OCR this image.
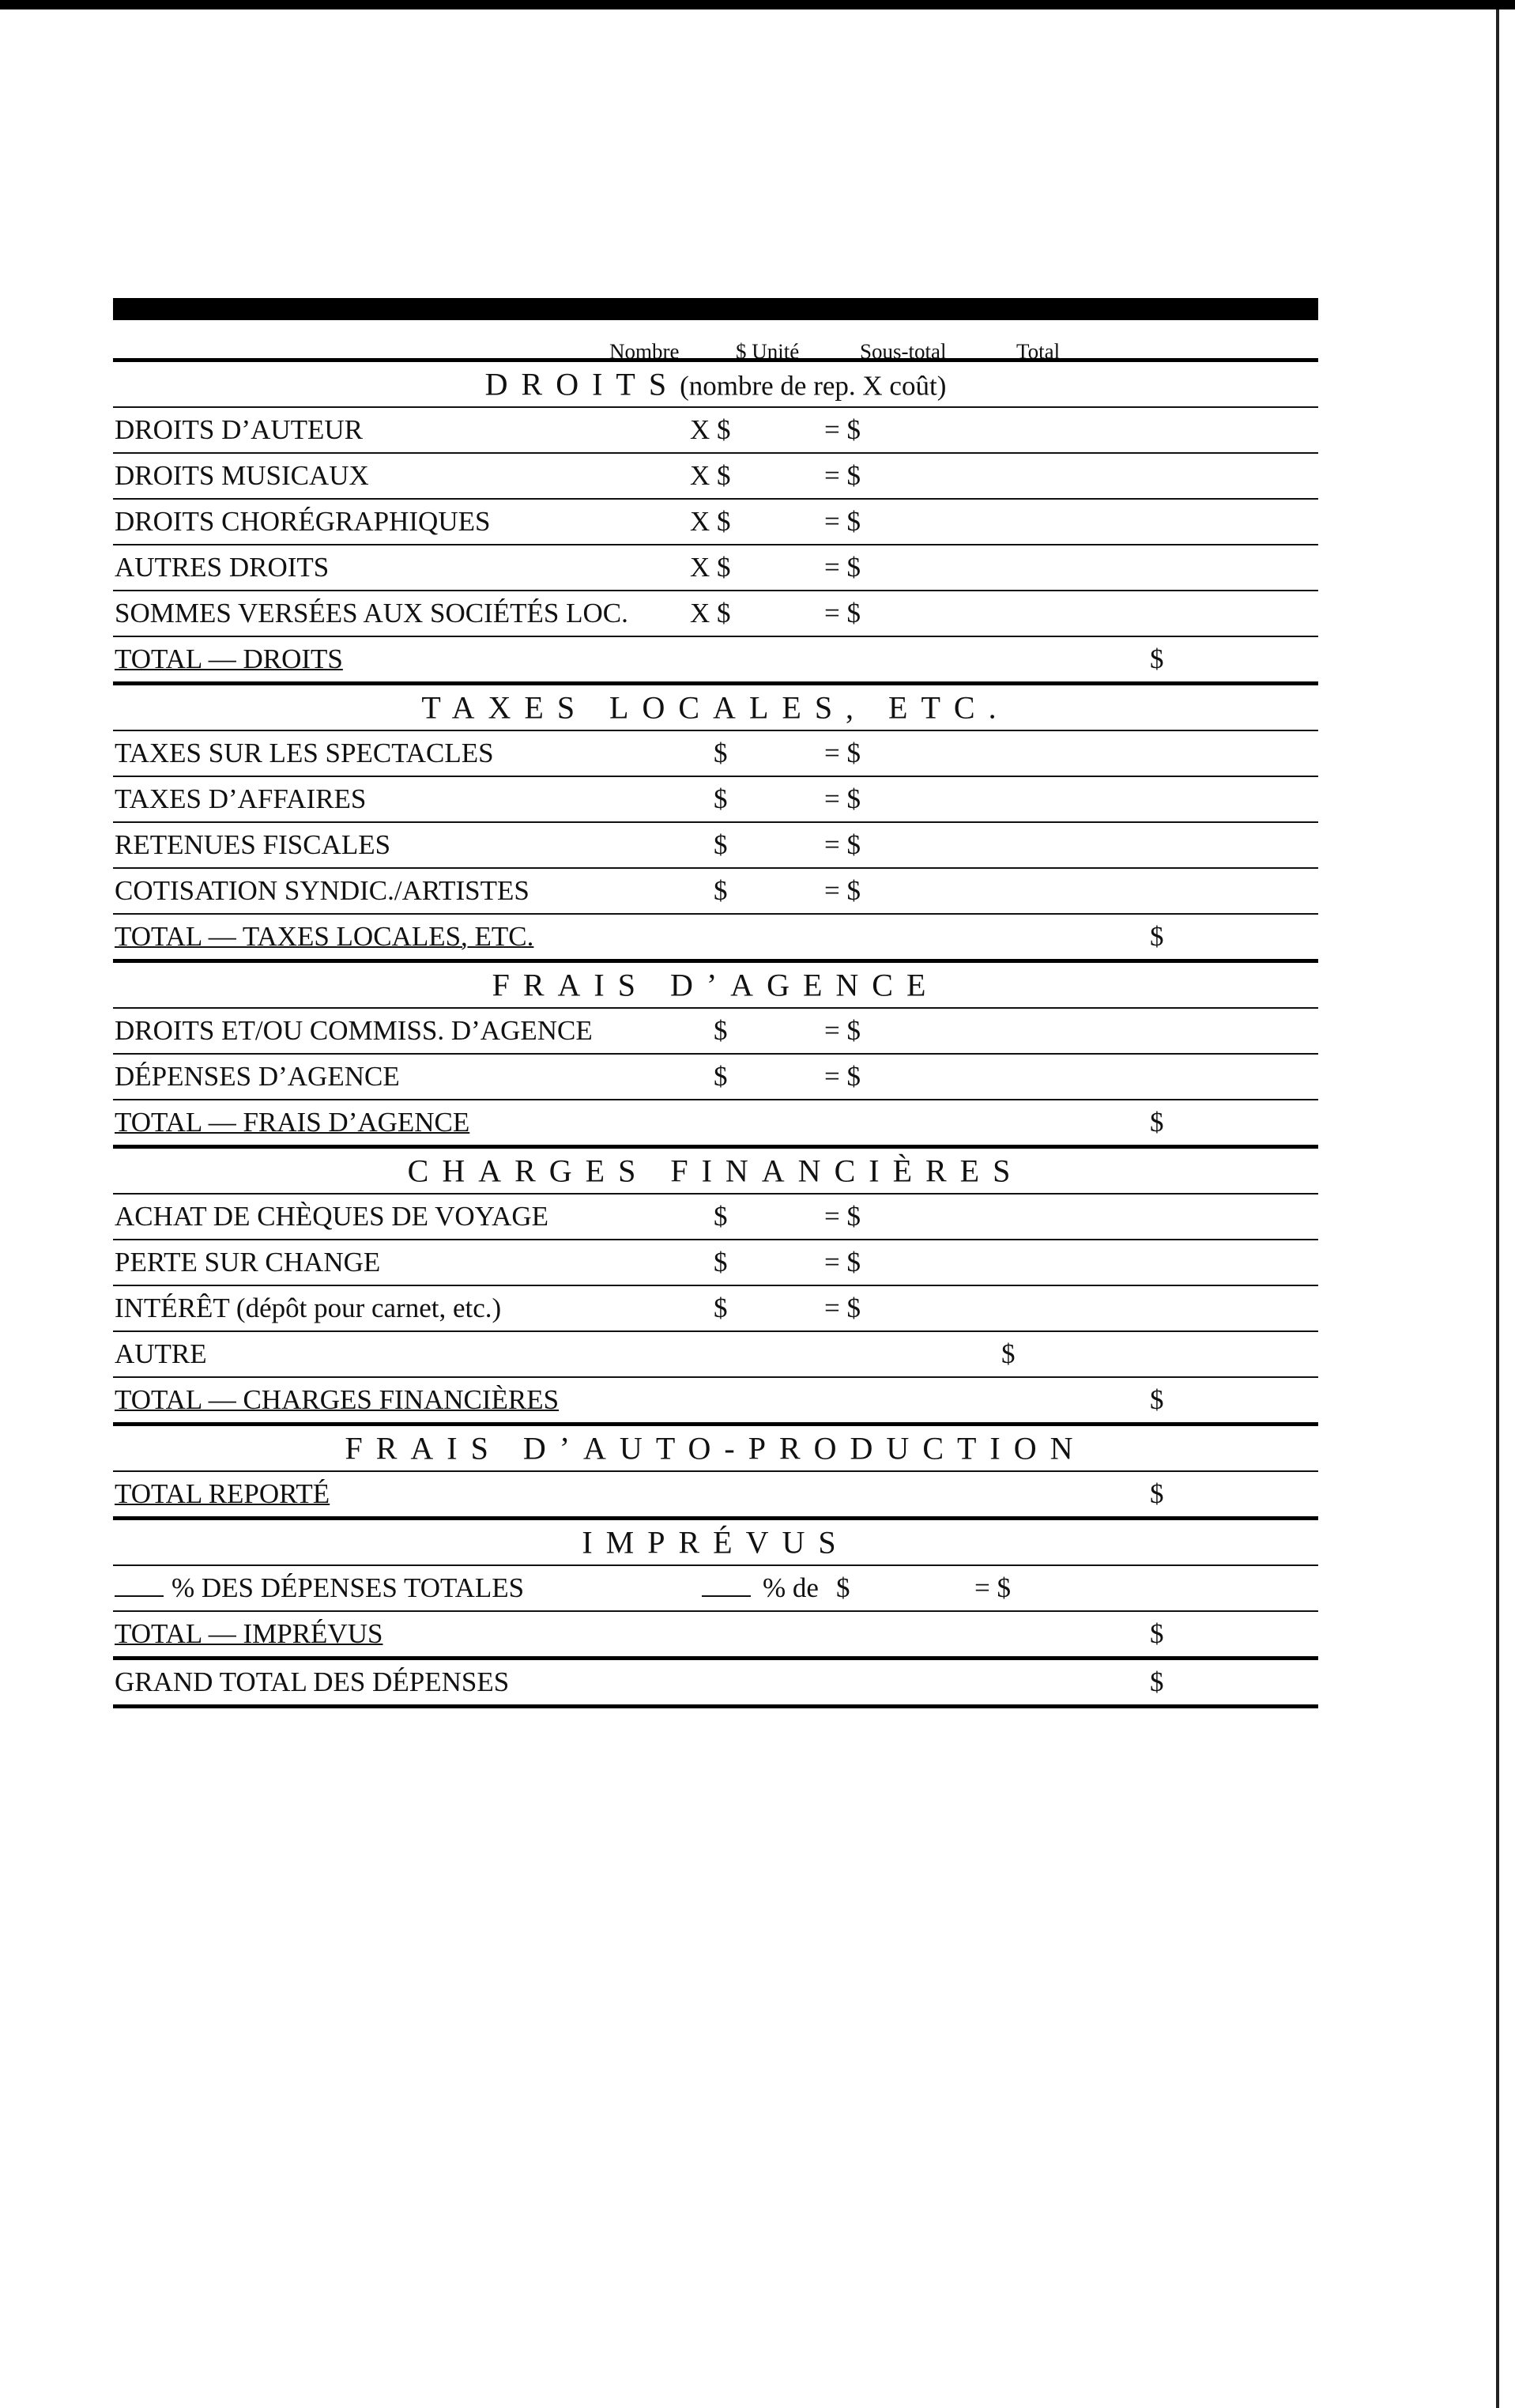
Nombre	$ Unité	Sous-total	Total
DROITS(nombre de rep. X coût)
DROITS D’AUTEUR	X $	= $
DROITS MUSICAUX	X $	= $
DROITS CHORÉGRAPHIQUES	X $	= $
AUTRES DROITS	X $	= $
SOMMES VERSÉES AUX SOCIÉTÉS LOC. X $	= $
TOTAL — DROITS	$
TAXES LOCALES, ETC.
TAXES SUR LES SPECTACLES	$	= $
TAXES D’AFFAIRES	$	= $
RETENUES FISCALES	$	= $
COTISATION SYNDIC./ARTISTES	$	= $
TOTAL — TAXES LOCALES, ETC.	$
FRAIS D’AGENCE
DROITS ET/OU COMMISS. D’AGENCE	$	= $
DÉPENSES D’AGENCE	$	= $
TOTAL — FRAIS D’AGENCE	$
CHARGES FINANCIÈRES
ACHAT DE CHÈQUES DE VOYAGE	$	= $
PERTE SUR CHANGE	$	= $
INTÉRÊT (dépôt pour carnet, etc.)	$	= $
AUTRE	$
TOTAL — CHARGES FINANCIÈRES	$
FRAIS D’AUTO-PRODUCTION
TOTAL REPORTÉ	$
IMPRÉVUS
% DES DÉPENSES TOTALES	% de $	= $
TOTAL — IMPRÉVUS	$
GRAND TOTAL DES DÉPENSES	$
